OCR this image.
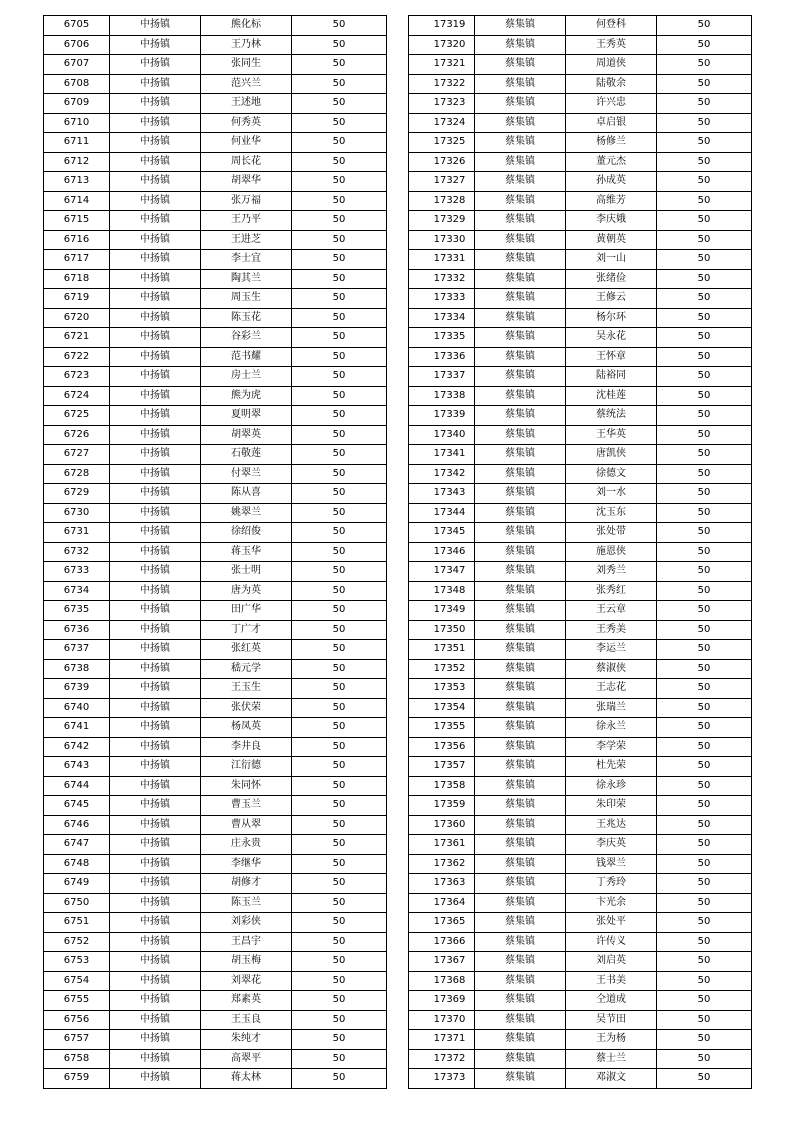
6705	中扬镇	熊化标	50
6706	中扬镇	王乃林	50
6707	中扬镇	张同生	50
6708	中扬镇	范兴兰	50
6709	中扬镇	王述地	50
6710	中扬镇	何秀英	50
6711	中扬镇	何业华	50
6712	中扬镇	周长花	50
6713	中扬镇	胡翠华	50
6714	中扬镇	张万福	50
6715	中扬镇	王乃平	50
6716	中扬镇	王进芝	50
6717	中扬镇	李士宜	50
6718	中扬镇	陶其兰	50
6719	中扬镇	周玉生	50
6720	中扬镇	陈玉花	50
6721	中扬镇	谷彩兰	50
6722	中扬镇	范书耀	50
6723	中扬镇	房士兰	50
6724	中扬镇	熊为虎	50
6725	中扬镇	夏明翠	50
6726	中扬镇	胡翠英	50
6727	中扬镇	石敬莲	50
6728	中扬镇	付翠兰	50
6729	中扬镇	陈从喜	50
6730	中扬镇	姚翠兰	50
6731	中扬镇	徐绍俊	50
6732	中扬镇	蒋玉华	50
6733	中扬镇	张士明	50
6734	中扬镇	唐为英	50
6735	中扬镇	田广华	50
6736	中扬镇	丁广才	50
6737	中扬镇	张红英	50
6738	中扬镇	嵇元学	50
6739	中扬镇	王玉生	50
6740	中扬镇	张伏荣	50
6741	中扬镇	杨凤英	50
6742	中扬镇	李井良	50
6743	中扬镇	江衍德	50
6744	中扬镇	朱同怀	50
6745	中扬镇	曹玉兰	50
6746	中扬镇	曹从翠	50
6747	中扬镇	庄永贵	50
6748	中扬镇	李继华	50
6749	中扬镇	胡修才	50
6750	中扬镇	陈玉兰	50
6751	中扬镇	刘彩侠	50
6752	中扬镇	王昌宇	50
6753	中扬镇	胡玉梅	50
6754	中扬镇	刘翠花	50
6755	中扬镇	郑素英	50
6756	中扬镇	王玉良	50
6757	中扬镇	朱纯才	50
6758	中扬镇	高翠平	50
6759	中扬镇	蒋太林	50
17319	蔡集镇	何登科	50
17320	蔡集镇	王秀英	50
17321	蔡集镇	周道侠	50
17322	蔡集镇	陆敬余	50
17323	蔡集镇	许兴忠	50
17324	蔡集镇	卓启银	50
17325	蔡集镇	杨修兰	50
17326	蔡集镇	董元杰	50
17327	蔡集镇	孙成英	50
17328	蔡集镇	高维芳	50
17329	蔡集镇	李庆娥	50
17330	蔡集镇	黄朝英	50
17331	蔡集镇	刘一山	50
17332	蔡集镇	张绪俭	50
17333	蔡集镇	王修云	50
17334	蔡集镇	杨尔环	50
17335	蔡集镇	吴永花	50
17336	蔡集镇	王怀章	50
17337	蔡集镇	陆裕同	50
17338	蔡集镇	沈桂莲	50
17339	蔡集镇	蔡统法	50
17340	蔡集镇	王华英	50
17341	蔡集镇	唐凯侠	50
17342	蔡集镇	徐德文	50
17343	蔡集镇	刘一水	50
17344	蔡集镇	沈玉东	50
17345	蔡集镇	张处带	50
17346	蔡集镇	施恩侠	50
17347	蔡集镇	刘秀兰	50
17348	蔡集镇	张秀红	50
17349	蔡集镇	王云章	50
17350	蔡集镇	王秀美	50
17351	蔡集镇	李运兰	50
17352	蔡集镇	蔡淑侠	50
17353	蔡集镇	王志花	50
17354	蔡集镇	张瑞兰	50
17355	蔡集镇	徐永兰	50
17356	蔡集镇	李学荣	50
17357	蔡集镇	杜先荣	50
17358	蔡集镇	徐永珍	50
17359	蔡集镇	朱印荣	50
17360	蔡集镇	王兆达	50
17361	蔡集镇	李庆英	50
17362	蔡集镇	钱翠兰	50
17363	蔡集镇	丁秀玲	50
17364	蔡集镇	卞光余	50
17365	蔡集镇	张处平	50
17366	蔡集镇	许传义	50
17367	蔡集镇	刘启英	50
17368	蔡集镇	王书美	50
17369	蔡集镇	仝道成	50
17370	蔡集镇	吴节田	50
17371	蔡集镇	王为杨	50
17372	蔡集镇	蔡士兰	50
17373	蔡集镇	邓淑文	50
